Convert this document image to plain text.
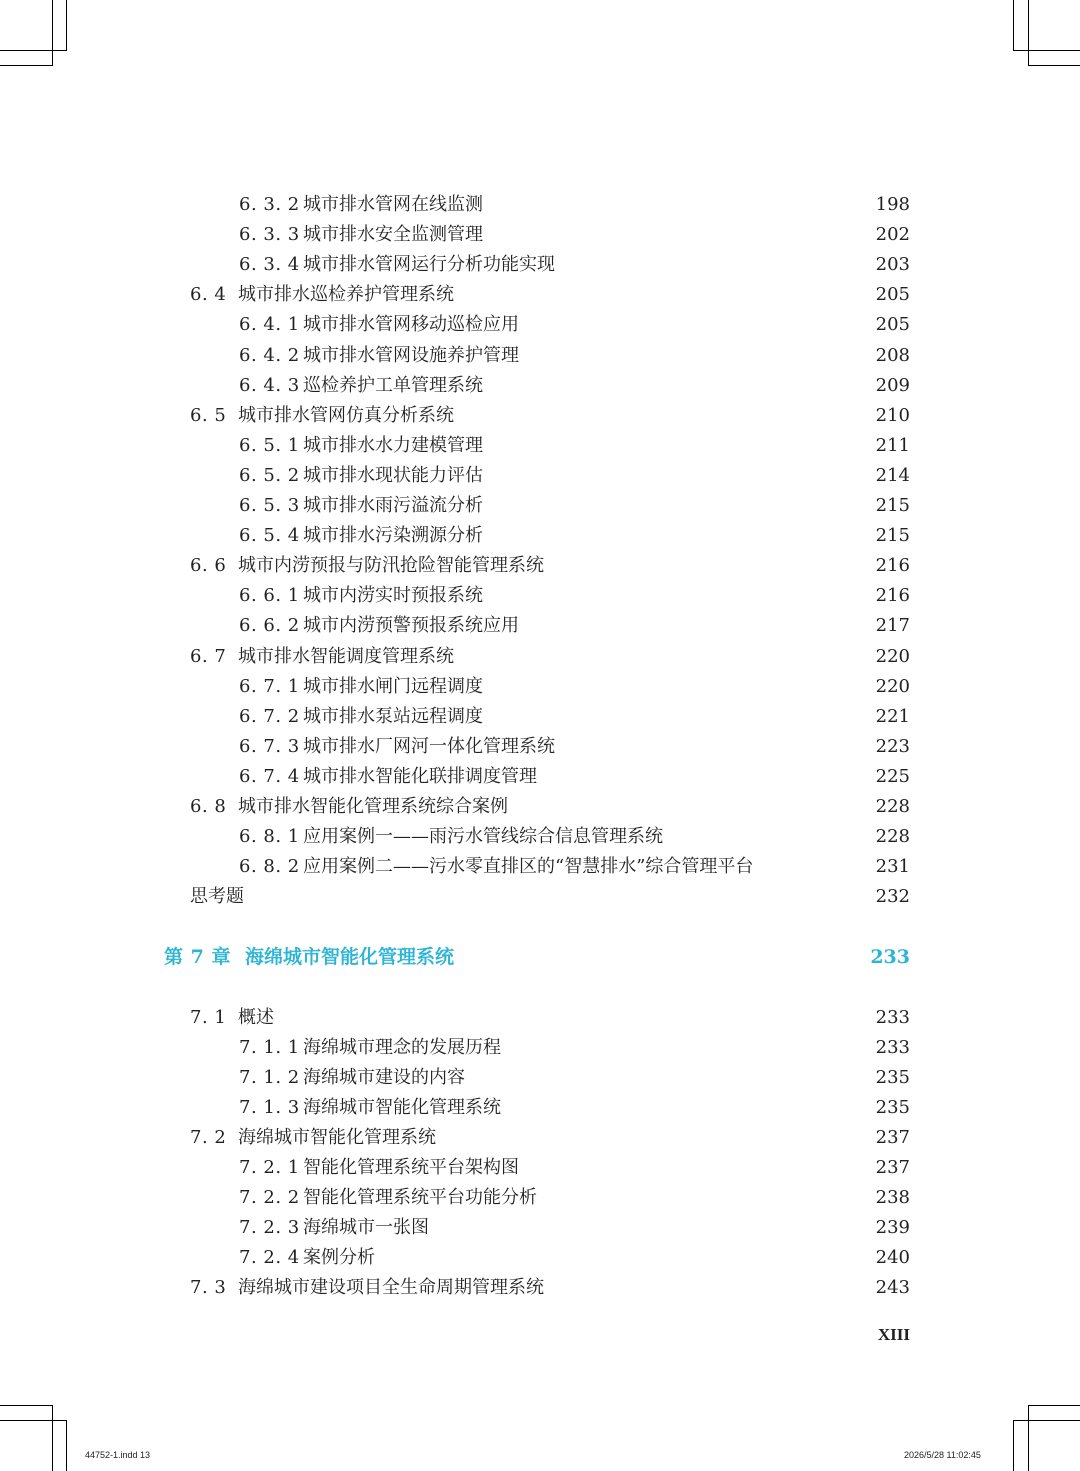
6. 3. 2 城市排水管网在线监测	198
6. 3. 3 城市排水安全监测管理	202
6. 3. 4 城市排水管网运行分析功能实现	203
6. 4 城市排水巡检养护管理系统	205
6. 4. 1 城市排水管网移动巡检应用	205
6. 4. 2 城市排水管网设施养护管理	208
6. 4. 3 巡检养护工单管理系统	209
6. 5 城市排水管网仿真分析系统	210
6. 5. 1 城市排水水力建模管理	211
6. 5. 2 城市排水现状能力评估	214
6. 5. 3 城市排水雨污溢流分析	215
6. 5. 4 城市排水污染溯源分析	215
6. 6 城市内涝预报与防汛抢险智能管理系统	216
6. 6. 1 城市内涝实时预报系统	216
6. 6. 2 城市内涝预警预报系统应用	217
6. 7 城市排水智能调度管理系统	220
6. 7. 1 城市排水闸门远程调度	220
6. 7. 2 城市排水泵站远程调度	221
6. 7. 3 城市排水厂网河一体化管理系统	223
6. 7. 4 城市排水智能化联排调度管理	225
6. 8 城市排水智能化管理系统综合案例	228
6. 8. 1 应用案例一——雨污水管线综合信息管理系统	228
6. 8. 2 应用案例二——污水零直排区的“智慧排水”综合管理平台	231
思考题	232
第 7 章 海绵城市智能化管理系统	233
7. 1 概述	233
7. 1. 1 海绵城市理念的发展历程	233
7. 1. 2 海绵城市建设的内容	235
7. 1. 3 海绵城市智能化管理系统	235
7. 2 海绵城市智能化管理系统	237
7. 2. 1 智能化管理系统平台架构图	237
7. 2. 2 智能化管理系统平台功能分析	238
7. 2. 3 海绵城市一张图	239
7. 2. 4 案例分析	240
7. 3 海绵城市建设项目全生命周期管理系统	243
XIII
44752-1.indd 13	2026/5/28 11:02:45
